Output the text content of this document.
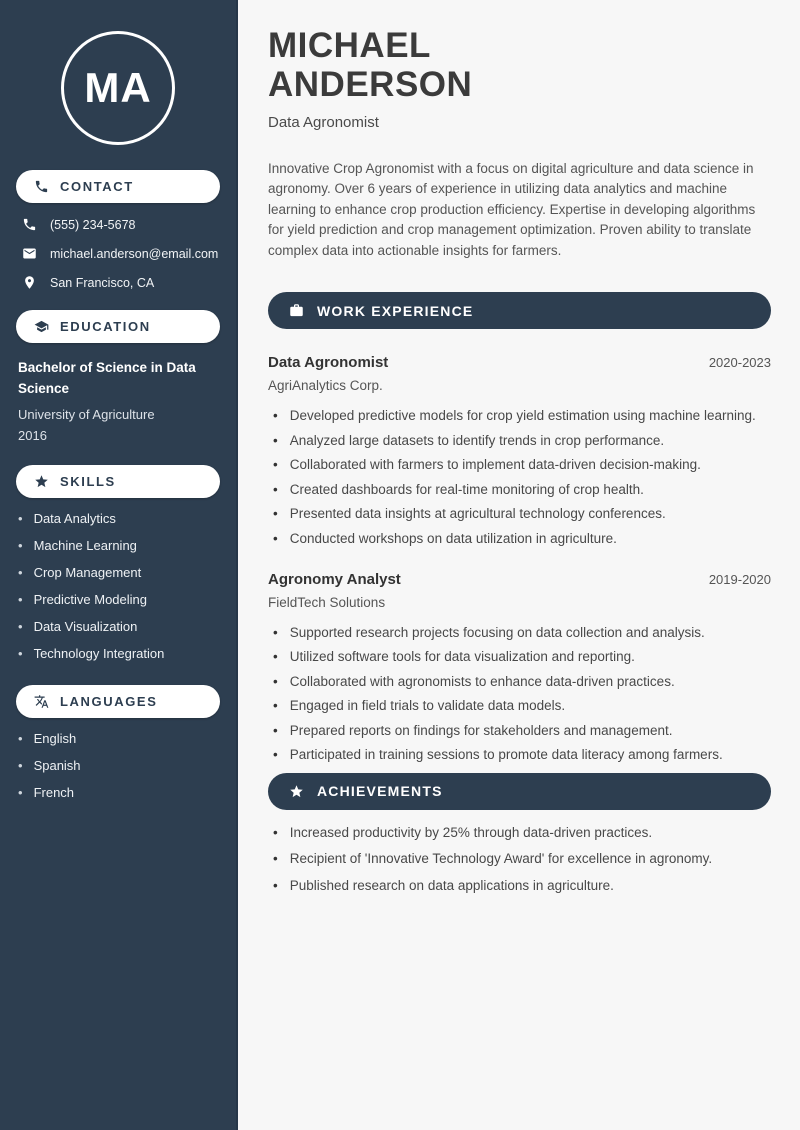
MA
CONTACT
(555) 234-5678
michael.anderson@email.com
San Francisco, CA
EDUCATION
Bachelor of Science in Data Science
University of Agriculture
2016
SKILLS
• Data Analytics
• Machine Learning
• Crop Management
• Predictive Modeling
• Data Visualization
• Technology Integration
LANGUAGES
• English
• Spanish
• French
MICHAEL
ANDERSON
Data Agronomist

Innovative Crop Agronomist with a focus on digital agriculture and data science in agronomy. Over 6 years of experience in utilizing data analytics and machine learning to enhance crop production efficiency. Expertise in developing algorithms for yield prediction and crop management optimization. Proven ability to translate complex data into actionable insights for farmers.

WORK EXPERIENCE
Data Agronomist	2020-2023
AgriAnalytics Corp.
• Developed predictive models for crop yield estimation using machine learning.
• Analyzed large datasets to identify trends in crop performance.
• Collaborated with farmers to implement data-driven decision-making.
• Created dashboards for real-time monitoring of crop health.
• Presented data insights at agricultural technology conferences.
• Conducted workshops on data utilization in agriculture.
Agronomy Analyst	2019-2020
FieldTech Solutions
• Supported research projects focusing on data collection and analysis.
• Utilized software tools for data visualization and reporting.
• Collaborated with agronomists to enhance data-driven practices.
• Engaged in field trials to validate data models.
• Prepared reports on findings for stakeholders and management.
• Participated in training sessions to promote data literacy among farmers.
ACHIEVEMENTS
• Increased productivity by 25% through data-driven practices.
• Recipient of 'Innovative Technology Award' for excellence in agronomy.
• Published research on data applications in agriculture.
